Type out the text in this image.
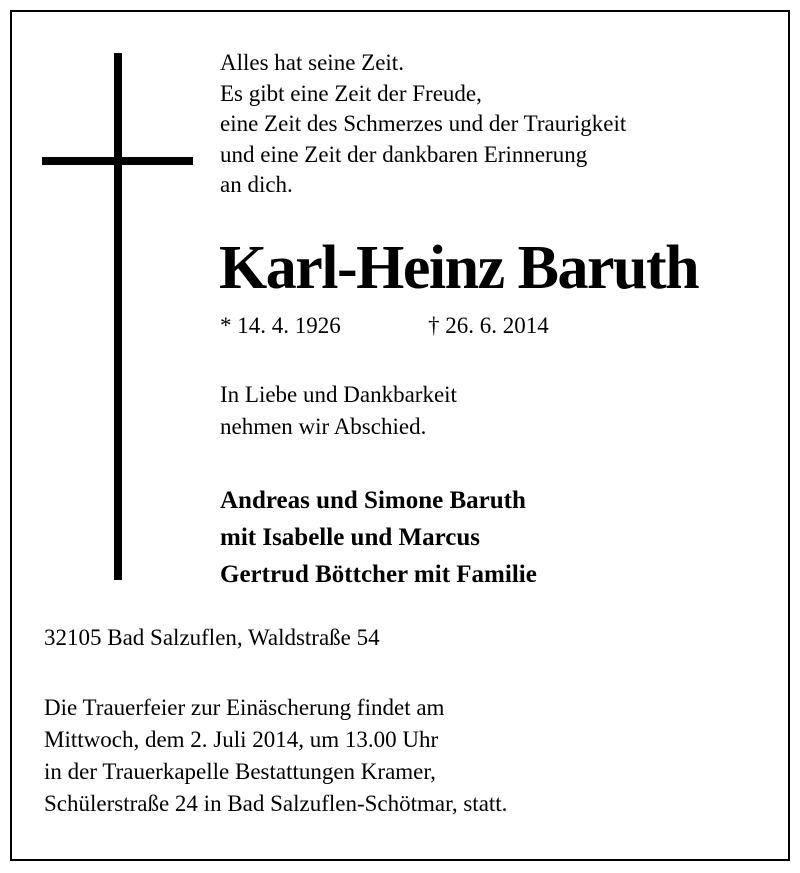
Alles hat seine Zeit.
Es gibt eine Zeit der Freude,
eine Zeit des Schmerzes und der Traurigkeit
und eine Zeit der dankbaren Erinnerung
an dich.
Karl-Heinz Baruth
* 14. 4. 1926	† 26. 6. 2014
In Liebe und Dankbarkeit
nehmen wir Abschied.
Andreas und Simone Baruth
mit Isabelle und Marcus
Gertrud Böttcher mit Familie
32105 Bad Salzuflen, Waldstraße 54
Die Trauerfeier zur Einäscherung findet am
Mittwoch, dem 2. Juli 2014, um 13.00 Uhr
in der Trauerkapelle Bestattungen Kramer,
Schülerstraße 24 in Bad Salzuflen-Schötmar, statt.
